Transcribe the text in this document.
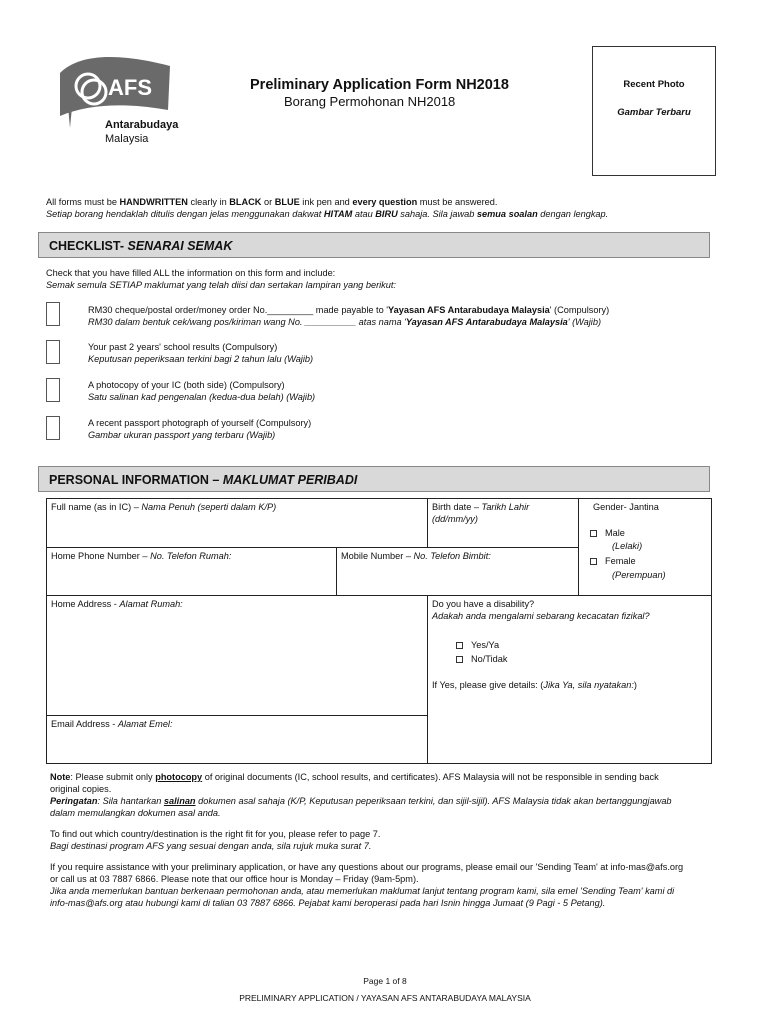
AFS
Antarabudaya
Malaysia
Preliminary Application Form NH2018
Borang Permohonan NH2018
Recent Photo
Gambar Terbaru
All forms must be HANDWRITTEN clearly in BLACK or BLUE ink pen and every question must be answered.
Setiap borang hendaklah ditulis dengan jelas menggunakan dakwat HITAM atau BIRU sahaja. Sila jawab semua soalan dengan lengkap.
CHECKLIST- SENARAI SEMAK
Check that you have filled ALL the information on this form and include:
Semak semula SETIAP maklumat yang telah diisi dan sertakan lampiran yang berikut:
RM30 cheque/postal order/money order No._________ made payable to 'Yayasan AFS Antarabudaya Malaysia' (Compulsory)
RM30 dalam bentuk cek/wang pos/kiriman wang No. __________ atas nama 'Yayasan AFS Antarabudaya Malaysia' (Wajib)
Your past 2 years' school results (Compulsory)
Keputusan peperiksaan terkini bagi 2 tahun lalu (Wajib)
A photocopy of your IC (both side) (Compulsory)
Satu salinan kad pengenalan (kedua-dua belah) (Wajib)
A recent passport photograph of yourself (Compulsory)
Gambar ukuran passport yang terbaru (Wajib)
PERSONAL INFORMATION – MAKLUMAT PERIBADI
Full name (as in IC) – Nama Penuh (seperti dalam K/P)	Birth date – Tarikh Lahir
(dd/mm/yy)
Gender- Jantina
Male
(Lelaki)
Female
(Perempuan)
Home Phone Number – No. Telefon Rumah:	Mobile Number – No. Telefon Bimbit:
Home Address - Alamat Rumah:	Do you have a disability?
Adakah anda mengalami sebarang kecacatan fizikal?
Yes/Ya
No/Tidak
If Yes, please give details: (Jika Ya, sila nyatakan:)
Email Address - Alamat Emel:

Note: Please submit only photocopy of original documents (IC, school results, and certificates). AFS Malaysia will not be responsible in sending back original copies.

Peringatan: Sila hantarkan salinan dokumen asal sahaja (K/P, Keputusan peperiksaan terkini, dan sijil-sijil). AFS Malaysia tidak akan bertanggungjawab dalam memulangkan dokumen asal anda.

To find out which country/destination is the right fit for you, please refer to page 7.
Bagi destinasi program AFS yang sesuai dengan anda, sila rujuk muka surat 7.

If you require assistance with your preliminary application, or have any questions about our programs, please email our 'Sending Team' at info-mas@afs.org or call us at 03 7887 6866. Please note that our office hour is Monday – Friday (9am-5pm).
Jika anda memerlukan bantuan berkenaan permohonan anda, atau memerlukan maklumat lanjut tentang program kami, sila emel 'Sending Team' kami di info-mas@afs.org atau hubungi kami di talian 03 7887 6866. Pejabat kami beroperasi pada hari Isnin hingga Jumaat (9 Pagi - 5 Petang).

Page 1 of 8
PRELIMINARY APPLICATION / YAYASAN AFS ANTARABUDAYA MALAYSIA
